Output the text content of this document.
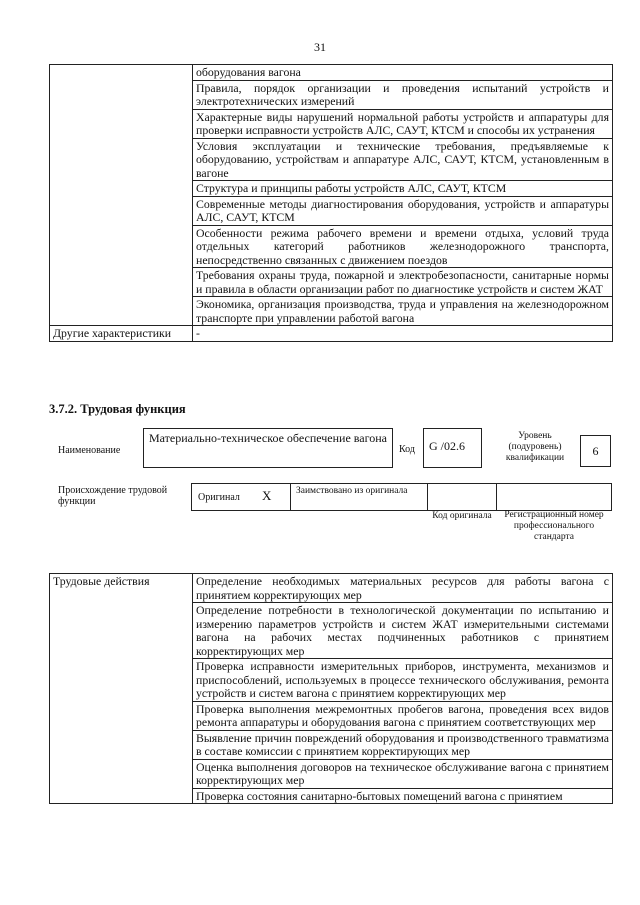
31
	оборудования вагона
	Правила, порядок организации и проведения испытаний устройств и электротехнических измерений
	Характерные виды нарушений нормальной работы устройств и аппаратуры для проверки исправности устройств АЛС, САУТ, КТСМ и способы их устранения
	Условия эксплуатации и технические требования, предъявляемые к оборудованию, устройствам и аппаратуре АЛС, САУТ, КТСМ, установленным в вагоне
	Структура и принципы работы устройств АЛС, САУТ, КТСМ
	Современные методы диагностирования оборудования, устройств и аппаратуры АЛС, САУТ, КТСМ
	Особенности режима рабочего времени и времени отдыха, условий труда отдельных категорий работников железнодорожного транспорта, непосредственно связанных с движением поездов
	Требования охраны труда, пожарной и электробезопасности, санитарные нормы и правила в области организации работ по диагностике устройств и систем ЖАТ
	Экономика, организация производства, труда и управления на железнодорожном транспорте при управлении работой вагона
Другие характеристики	-
3.7.2. Трудовая функция
Наименование
Материально-техническое обеспечение вагона
Код	G /02.6
Уровень (подуровень) квалификации	6
Происхождение трудовой функции	Оригинал X	Заимствовано из оригинала
Код оригинала	Регистрационный номер профессионального стандарта
Трудовые действия	Определение необходимых материальных ресурсов для работы вагона с принятием корректирующих мер
Определение потребности в технологической документации по испытанию и измерению параметров устройств и систем ЖАТ измерительными системами вагона на рабочих местах подчиненных работников с принятием корректирующих мер
Проверка исправности измерительных приборов, инструмента, механизмов и приспособлений, используемых в процессе технического обслуживания, ремонта устройств и систем вагона с принятием корректирующих мер
Проверка выполнения межремонтных пробегов вагона, проведения всех видов ремонта аппаратуры и оборудования вагона с принятием соответствующих мер
Выявление причин повреждений оборудования и производственного травматизма в составе комиссии с принятием корректирующих мер
Оценка выполнения договоров на техническое обслуживание вагона с принятием корректирующих мер
Проверка состояния санитарно-бытовых помещений вагона с принятием
